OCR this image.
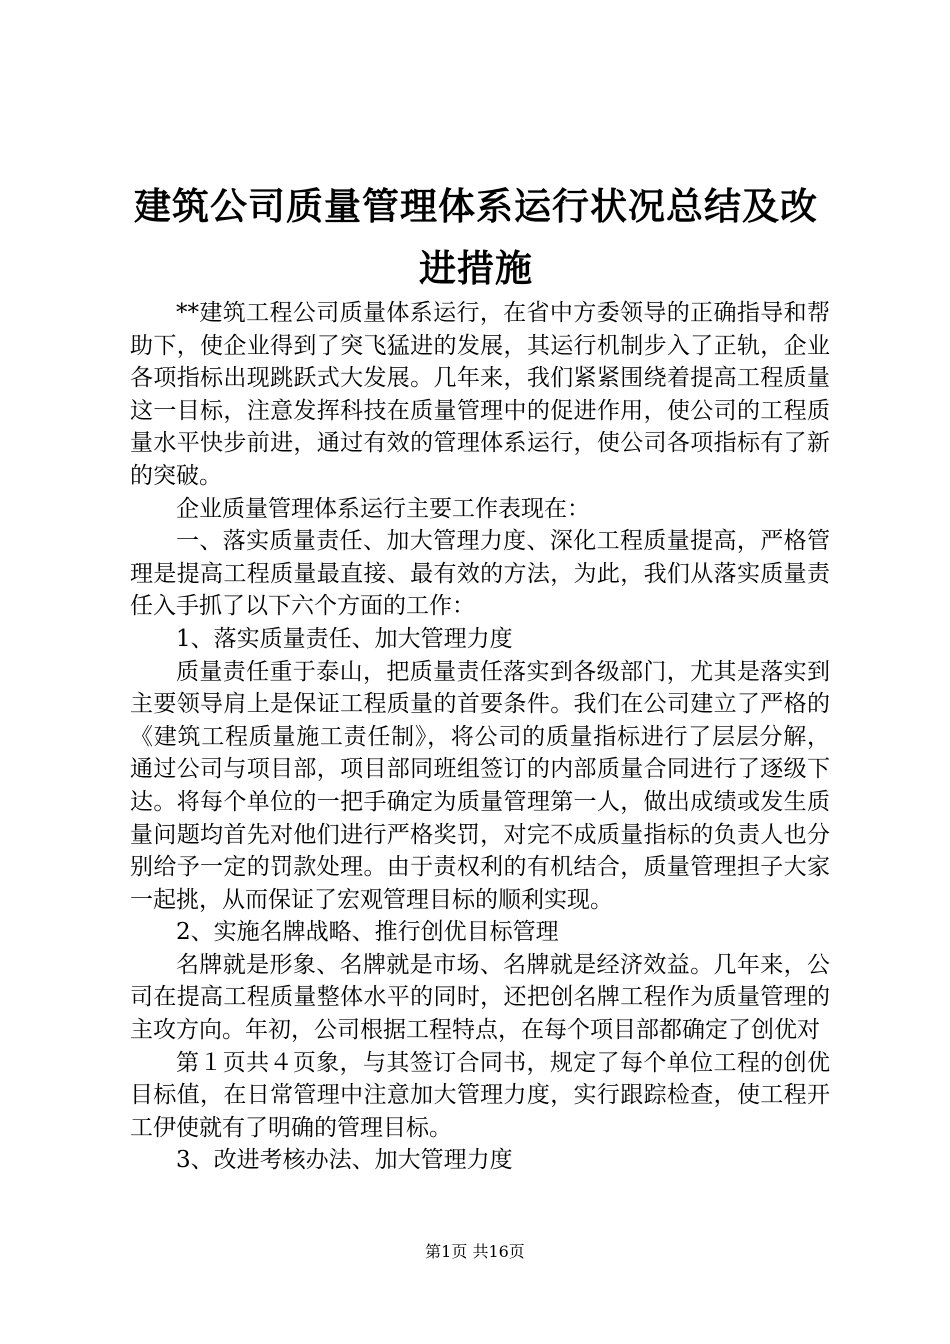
建筑公司质量管理体系运行状况总结及改进措施

**建筑工程公司质量体系运行，在省中方委领导的正确指导和帮助下，使企业得到了突飞猛进的发展，其运行机制步入了正轨，企业各项指标出现跳跃式大发展。几年来，我们紧紧围绕着提高工程质量这一目标，注意发挥科技在质量管理中的促进作用，使公司的工程质量水平快步前进，通过有效的管理体系运行，使公司各项指标有了新的突破。

企业质量管理体系运行主要工作表现在：

一、落实质量责任、加大管理力度、深化工程质量提高，严格管理是提高工程质量最直接、最有效的方法，为此，我们从落实质量责任入手抓了以下六个方面的工作：

1、落实质量责任、加大管理力度

质量责任重于泰山，把质量责任落实到各级部门，尤其是落实到主要领导肩上是保证工程质量的首要条件。我们在公司建立了严格的《建筑工程质量施工责任制》，将公司的质量指标进行了层层分解，通过公司与项目部，项目部同班组签订的内部质量合同进行了逐级下达。将每个单位的一把手确定为质量管理第一人，做出成绩或发生质量问题均首先对他们进行严格奖罚，对完不成质量指标的负责人也分别给予一定的罚款处理。由于责权利的有机结合，质量管理担子大家一起挑，从而保证了宏观管理目标的顺利实现。

2、实施名牌战略、推行创优目标管理

名牌就是形象、名牌就是市场、名牌就是经济效益。几年来，公司在提高工程质量整体水平的同时，还把创名牌工程作为质量管理的主攻方向。年初，公司根据工程特点，在每个项目部都确定了创优对

第１页共４页象，与其签订合同书，规定了每个单位工程的创优目标值，在日常管理中注意加大管理力度，实行跟踪检查，使工程开工伊使就有了明确的管理目标。

3、改进考核办法、加大管理力度

第1页 共16页
